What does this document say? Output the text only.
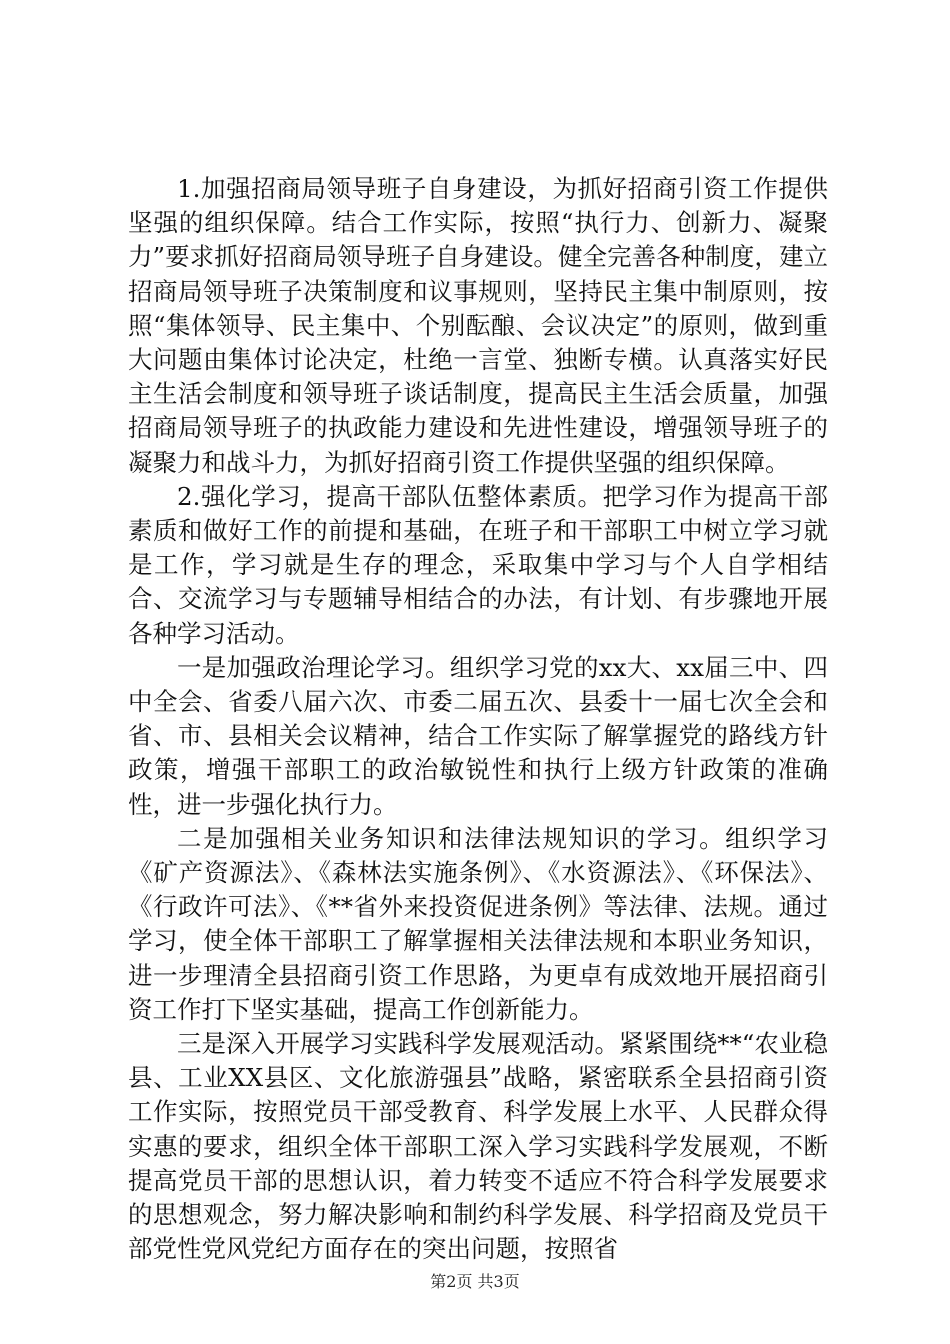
1.加强招商局领导班子自身建设，为抓好招商引资工作提供坚强的组织保障。结合工作实际，按照“执行力、创新力、凝聚力”要求抓好招商局领导班子自身建设。健全完善各种制度，建立招商局领导班子决策制度和议事规则，坚持民主集中制原则，按照“集体领导、民主集中、个别酝酿、会议决定”的原则，做到重大问题由集体讨论决定，杜绝一言堂、独断专横。认真落实好民主生活会制度和领导班子谈话制度，提高民主生活会质量，加强招商局领导班子的执政能力建设和先进性建设，增强领导班子的凝聚力和战斗力，为抓好招商引资工作提供坚强的组织保障。

2.强化学习，提高干部队伍整体素质。把学习作为提高干部素质和做好工作的前提和基础，在班子和干部职工中树立学习就是工作，学习就是生存的理念，采取集中学习与个人自学相结合、交流学习与专题辅导相结合的办法，有计划、有步骤地开展各种学习活动。

一是加强政治理论学习。组织学习党的xx大、xx届三中、四中全会、省委八届六次、市委二届五次、县委十一届七次全会和省、市、县相关会议精神，结合工作实际了解掌握党的路线方针政策，增强干部职工的政治敏锐性和执行上级方针政策的准确性，进一步强化执行力。

二是加强相关业务知识和法律法规知识的学习。组织学习《矿产资源法》、《森林法实施条例》、《水资源法》、《环保法》、《行政许可法》、《**省外来投资促进条例》等法律、法规。通过学习，使全体干部职工了解掌握相关法律法规和本职业务知识，进一步理清全县招商引资工作思路，为更卓有成效地开展招商引资工作打下坚实基础，提高工作创新能力。

三是深入开展学习实践科学发展观活动。紧紧围绕**“农业稳县、工业XX县区、文化旅游强县”战略，紧密联系全县招商引资工作实际，按照党员干部受教育、科学发展上水平、人民群众得实惠的要求，组织全体干部职工深入学习实践科学发展观，不断提高党员干部的思想认识，着力转变不适应不符合科学发展要求的思想观念，努力解决影响和制约科学发展、科学招商及党员干部党性党风党纪方面存在的突出问题，按照省

第2页 共3页
